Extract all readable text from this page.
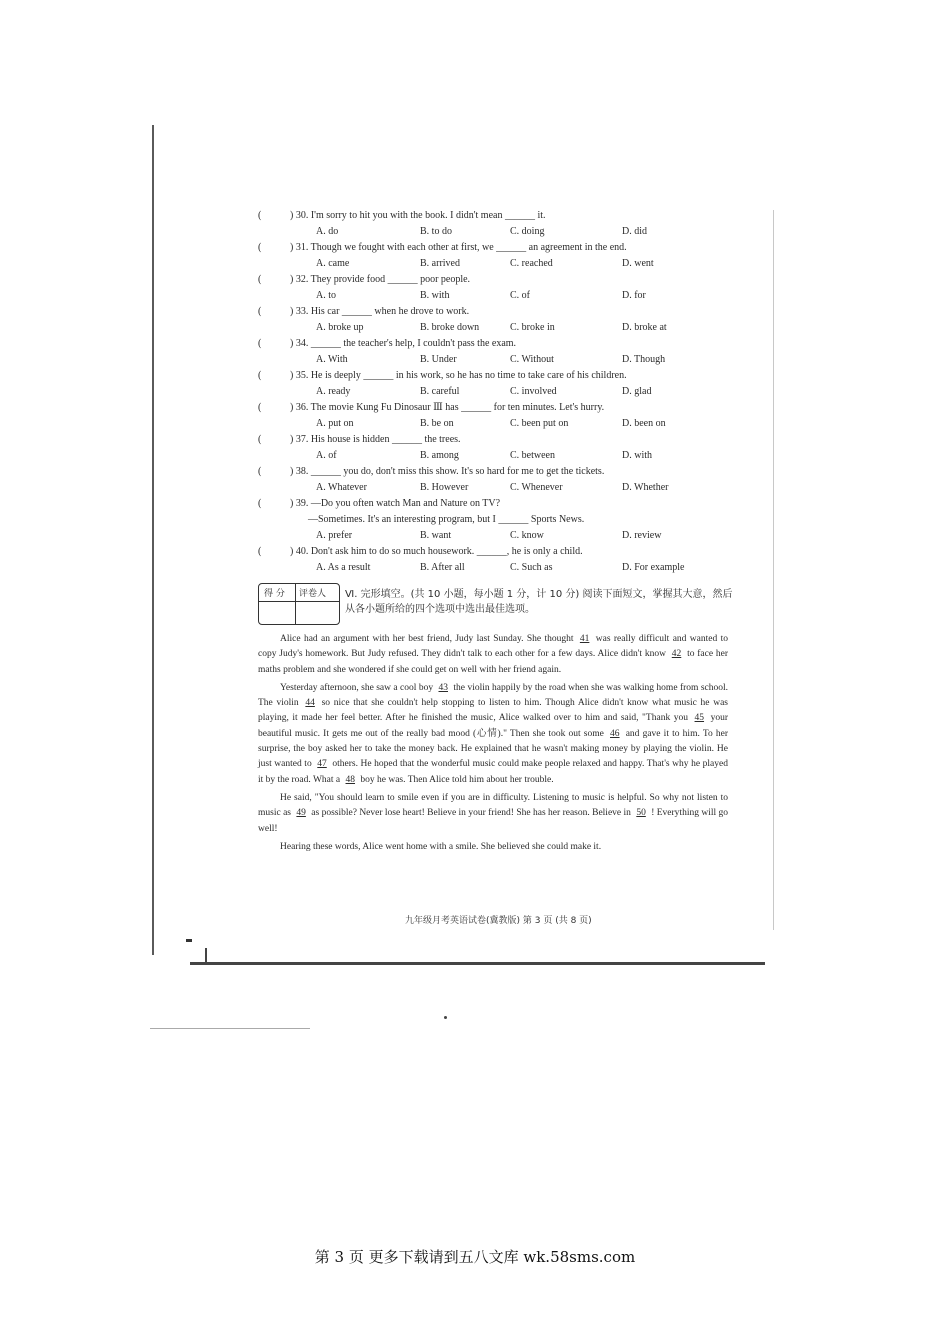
(	) 30. I'm sorry to hit you with the book. I didn't mean ______ it.
A. do	B. to do	C. doing	D. did
(	) 31. Though we fought with each other at first, we ______ an agreement in the end.
A. came	B. arrived	C. reached	D. went
(	) 32. They provide food ______ poor people.
A. to	B. with	C. of	D. for
(	) 33. His car ______ when he drove to work.
A. broke up	B. broke down	C. broke in	D. broke at
(	) 34. ______ the teacher's help, I couldn't pass the exam.
A. With	B. Under	C. Without	D. Though
(	) 35. He is deeply ______ in his work, so he has no time to take care of his children.
A. ready	B. careful	C. involved	D. glad
(	) 36. The movie Kung Fu Dinosaur Ⅲ has ______ for ten minutes. Let's hurry.
A. put on	B. be on	C. been put on	D. been on
(	) 37. His house is hidden ______ the trees.
A. of	B. among	C. between	D. with
(	) 38. ______ you do, don't miss this show. It's so hard for me to get the tickets.
A. Whatever	B. However	C. Whenever	D. Whether
(	) 39. —Do you often watch Man and Nature on TV?
—Sometimes. It's an interesting program, but I ______ Sports News.
A. prefer	B. want	C. know	D. review
(	) 40. Don't ask him to do so much housework. ______, he is only a child.
A. As a result	B. After all	C. Such as	D. For example
得 分 评卷人 Ⅵ. 完形填空。(共 10 小题，每小题 1 分，计 10 分) 阅读下面短文，掌握其大意，然后从各小题所给的四个选项中选出最佳选项。

Alice had an argument with her best friend, Judy last Sunday. She thought 41 was really difficult and wanted to copy Judy's homework. But Judy refused. They didn't talk to each other for a few days. Alice didn't know 42 to face her maths problem and she wondered if she could get on well with her friend again.

Yesterday afternoon, she saw a cool boy 43 the violin happily by the road when she was walking home from school. The violin 44 so nice that she couldn't help stopping to listen to him. Though Alice didn't know what music he was playing, it made her feel better. After he finished the music, Alice walked over to him and said, "Thank you 45 your beautiful music. It gets me out of the really bad mood (心情)." Then she took out some 46 and gave it to him. To her surprise, the boy asked her to take the money back. He explained that he wasn't making money by playing the violin. He just wanted to 47 others. He hoped that the wonderful music could make people relaxed and happy. That's why he played it by the road. What a 48 boy he was. Then Alice told him about her trouble.

He said, "You should learn to smile even if you are in difficulty. Listening to music is helpful. So why not listen to music as 49 as possible? Never lose heart! Believe in your friend! She has her reason. Believe in 50 ! Everything will go well!

Hearing these words, Alice went home with a smile. She believed she could make it.

九年级月考英语试卷(冀教版) 第 3 页 (共 8 页)
第 3 页 更多下载请到五八文库 wk.58sms.com
